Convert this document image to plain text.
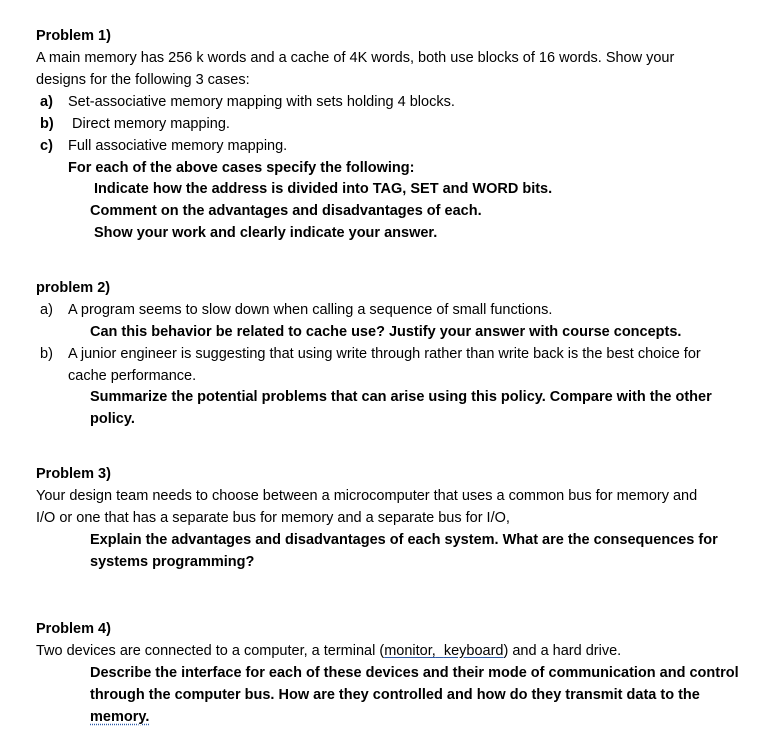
Problem 1)
A main memory has 256 k words and a cache of 4K words, both use blocks of 16 words. Show your
designs for the following 3 cases:
a) Set-associative memory mapping with sets holding 4 blocks.
b) Direct memory mapping.
c) Full associative memory mapping.
For each of the above cases specify the following:
Indicate how the address is divided into TAG, SET and WORD bits.
Comment on the advantages and disadvantages of each.
Show your work and clearly indicate your answer.
problem 2)
a) A program seems to slow down when calling a sequence of small functions.
Can this behavior be related to cache use? Justify your answer with course concepts.
b) A junior engineer is suggesting that using write through rather than write back is the best choice for
cache performance.
Summarize the potential problems that can arise using this policy. Compare with the other
policy.
Problem 3)
Your design team needs to choose between a microcomputer that uses a common bus for memory and
I/O or one that has a separate bus for memory and a separate bus for I/O,
Explain the advantages and disadvantages of each system. What are the consequences for
systems programming?
Problem 4)
Two devices are connected to a computer, a terminal (monitor, keyboard) and a hard drive.
Describe the interface for each of these devices and their mode of communication and control
through the computer bus. How are they controlled and how do they transmit data to the
memory.
